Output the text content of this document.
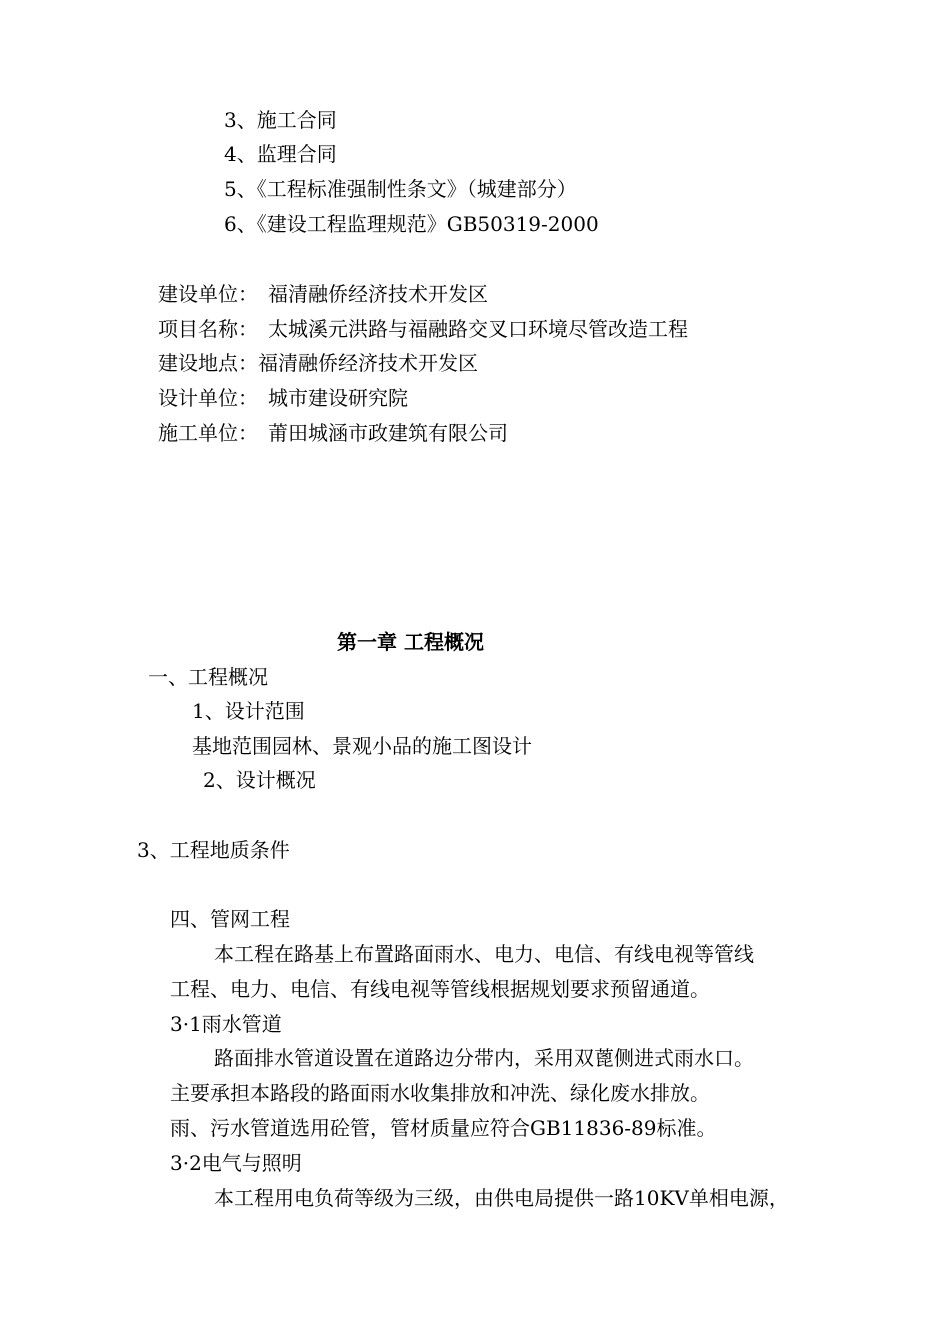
3、施工合同
4、监理合同
5、《工程标准强制性条文》（城建部分）
6、《建设工程监理规范》GB50319-2000
建设单位：　福清融侨经济技术开发区
项目名称：　太城溪元洪路与福融路交叉口环境尽管改造工程
建设地点：福清融侨经济技术开发区
设计单位：　城市建设研究院
施工单位：　莆田城涵市政建筑有限公司
第一章 工程概况
一、工程概况
1、设计范围
基地范围园林、景观小品的施工图设计
2、设计概况
3、工程地质条件
四、管网工程
本工程在路基上布置路面雨水、电力、电信、有线电视等管线
工程、电力、电信、有线电视等管线根据规划要求预留通道。
3·1雨水管道
路面排水管道设置在道路边分带内，采用双蓖侧进式雨水口。
主要承担本路段的路面雨水收集排放和冲洗、绿化废水排放。
雨、污水管道选用砼管，管材质量应符合GB11836-89标准。
3·2电气与照明
本工程用电负荷等级为三级，由供电局提供一路10KV单相电源，
